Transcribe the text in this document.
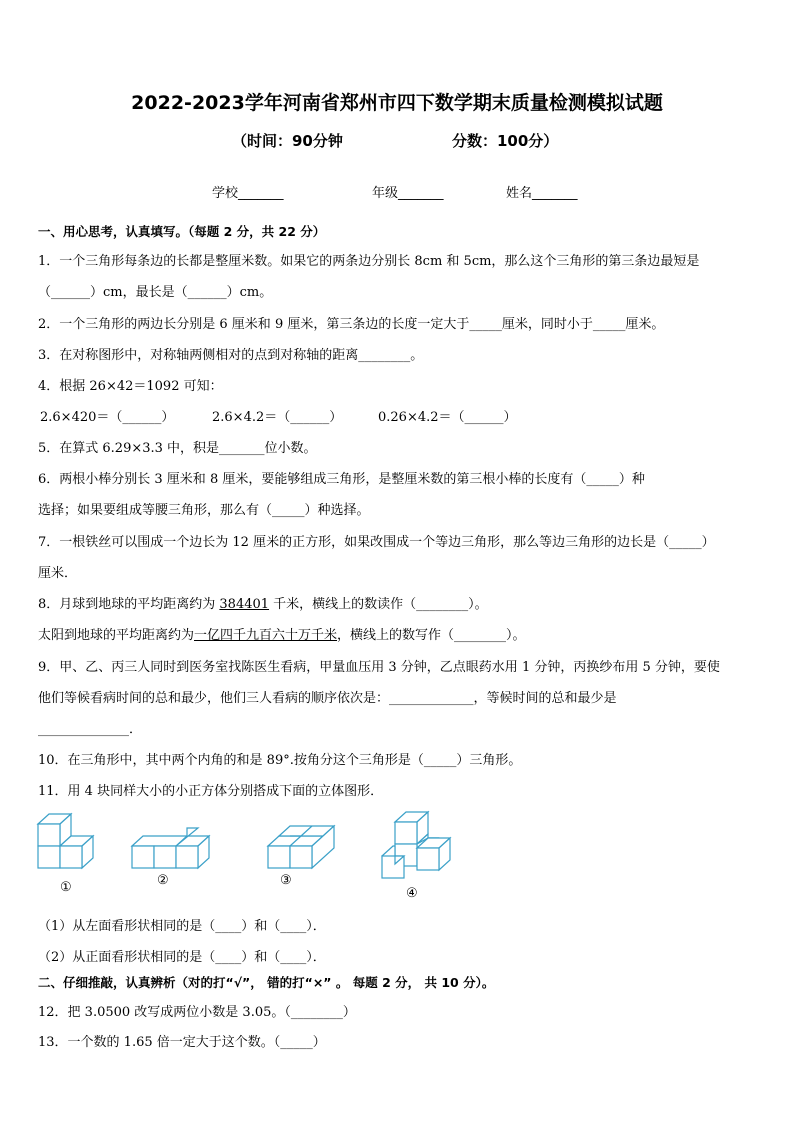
2022-2023学年河南省郑州市四下数学期末质量检测模拟试题
（时间：90分钟	分数：100分）
学校_______	年级_______	姓名_______
一、用心思考，认真填写。（每题 2 分，共 22 分）
1．一个三角形每条边的长都是整厘米数。如果它的两条边分别长 8cm 和 5cm，那么这个三角形的第三条边最短是
（______）cm，最长是（______）cm。
2．一个三角形的两边长分别是 6 厘米和 9 厘米，第三条边的长度一定大于_____厘米，同时小于_____厘米。
3．在对称图形中，对称轴两侧相对的点到对称轴的距离________。
4．根据 26×42＝1092 可知：
2.6×420＝（______）	2.6×4.2＝（______）	0.26×4.2＝（______）
5．在算式 6.29×3.3 中，积是_______位小数。
6．两根小棒分别长 3 厘米和 8 厘米，要能够组成三角形，是整厘米数的第三根小棒的长度有（_____）种
选择；如果要组成等腰三角形，那么有（_____）种选择。
7．一根铁丝可以围成一个边长为 12 厘米的正方形，如果改围成一个等边三角形，那么等边三角形的边长是（_____）
厘米．
8．月球到地球的平均距离约为 384401 千米，横线上的数读作（________）。
太阳到地球的平均距离约为一亿四千九百六十万千米，横线上的数写作（________）。
9．甲、乙、丙三人同时到医务室找陈医生看病，甲量血压用 3 分钟，乙点眼药水用 1 分钟，丙换纱布用 5 分钟，要使
他们等候看病时间的总和最少，他们三人看病的顺序依次是：_____________，等候时间的总和最少是
______________．
10．在三角形中，其中两个内角的和是 89°.按角分这个三角形是（_____）三角形。
11．用 4 块同样大小的小正方体分别搭成下面的立体图形．
①	②	③
④
（1）从左面看形状相同的是（____）和（____）．
（2）从正面看形状相同的是（____）和（____）．
二、仔细推敲，认真辨析（对的打“√”， 错的打“×” 。 每题 2 分， 共 10 分）。
12．把 3.0500 改写成两位小数是 3.05。（________）
13．一个数的 1.65 倍一定大于这个数。（_____）
